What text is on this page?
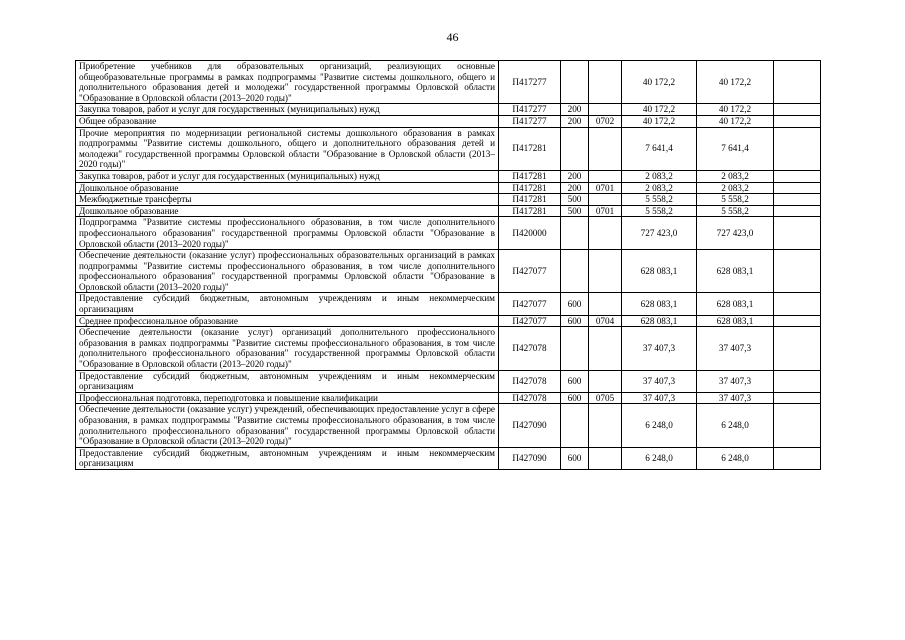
46
Приобретение учебников для образовательных организаций, реализующих основные общеобразовательные программы в рамках подпрограммы "Развитие системы дошкольного, общего и дополнительного образования детей и молодежи" государственной программы Орловской области "Образование в Орловской области (2013–2020 годы)"	П417277			40 172,2	40 172,2	
Закупка товаров, работ и услуг для государственных (муниципальных) нужд	П417277	200		40 172,2	40 172,2	
Общее образование	П417277	200	0702	40 172,2	40 172,2	
Прочие мероприятия по модернизации региональной системы дошкольного образования в рамках подпрограммы "Развитие системы дошкольного, общего и дополнительного образования детей и молодежи" государственной программы Орловской области "Образование в Орловской области (2013–2020 годы)"	П417281			7 641,4	7 641,4	
Закупка товаров, работ и услуг для государственных (муниципальных) нужд	П417281	200		2 083,2	2 083,2	
Дошкольное образование	П417281	200	0701	2 083,2	2 083,2	
Межбюджетные трансферты	П417281	500		5 558,2	5 558,2	
Дошкольное образование	П417281	500	0701	5 558,2	5 558,2	
Подпрограмма "Развитие системы профессионального образования, в том числе дополнительного профессионального образования" государственной программы Орловской области "Образование в Орловской области (2013–2020 годы)"	П420000			727 423,0	727 423,0	
Обеспечение деятельности (оказание услуг) профессиональных образовательных организаций в рамках подпрограммы "Развитие системы профессионального образования, в том числе дополнительного профессионального образования" государственной программы Орловской области "Образование в Орловской области (2013–2020 годы)"	П427077			628 083,1	628 083,1	
Предоставление субсидий бюджетным, автономным учреждениям и иным некоммерческим организациям	П427077	600		628 083,1	628 083,1	
Среднее профессиональное образование	П427077	600	0704	628 083,1	628 083,1	
Обеспечение деятельности (оказание услуг) организаций дополнительного профессионального образования в рамках подпрограммы "Развитие системы профессионального образования, в том числе дополнительного профессионального образования" государственной программы Орловской области "Образование в Орловской области (2013–2020 годы)"	П427078			37 407,3	37 407,3	
Предоставление субсидий бюджетным, автономным учреждениям и иным некоммерческим организациям	П427078	600		37 407,3	37 407,3	
Профессиональная подготовка, переподготовка и повышение квалификации	П427078	600	0705	37 407,3	37 407,3	
Обеспечение деятельности (оказание услуг) учреждений, обеспечивающих предоставление услуг в сфере образования, в рамках подпрограммы "Развитие системы профессионального образования, в том числе дополнительного профессионального образования" государственной программы Орловской области "Образование в Орловской области (2013–2020 годы)"	П427090			6 248,0	6 248,0	
Предоставление субсидий бюджетным, автономным учреждениям и иным некоммерческим организациям	П427090	600		6 248,0	6 248,0	
